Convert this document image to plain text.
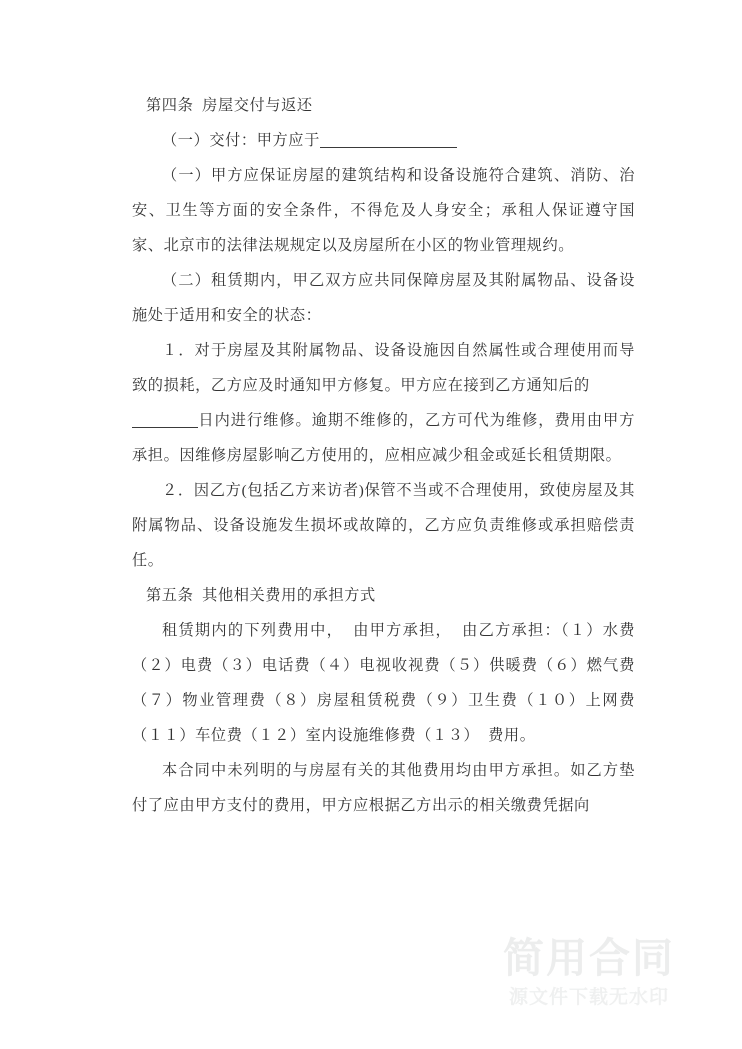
第四条  房屋交付与返还

（一）交付：甲方应于

（一）甲方应保证房屋的建筑结构和设备设施符合建筑、消防、治安、卫生等方面的安全条件，不得危及人身安全；承租人保证遵守国家、北京市的法律法规规定以及房屋所在小区的物业管理规约。

（二）租赁期内，甲乙双方应共同保障房屋及其附属物品、设备设施处于适用和安全的状态：

１．对于房屋及其附属物品、设备设施因自然属性或合理使用而导致的损耗，乙方应及时通知甲方修复。甲方应在接到乙方通知后的

日内进行维修。逾期不维修的，乙方可代为维修，费用由甲方承担。因维修房屋影响乙方使用的，应相应减少租金或延长租赁期限。

２．因乙方(包括乙方来访者)保管不当或不合理使用，致使房屋及其附属物品、设备设施发生损坏或故障的，乙方应负责维修或承担赔偿责任。

第五条  其他相关费用的承担方式

租赁期内的下列费用中，  由甲方承担，  由乙方承担：（１）水费（２）电费（３）电话费（４）电视收视费（５）供暖费（６）燃气费（７）物业管理费（８）房屋租赁税费（９）卫生费（１０）上网费（１１）车位费（１２）室内设施维修费（１３）  费用。

本合同中未列明的与房屋有关的其他费用均由甲方承担。如乙方垫付了应由甲方支付的费用，甲方应根据乙方出示的相关缴费凭据向

简用合同
源文件下载无水印
